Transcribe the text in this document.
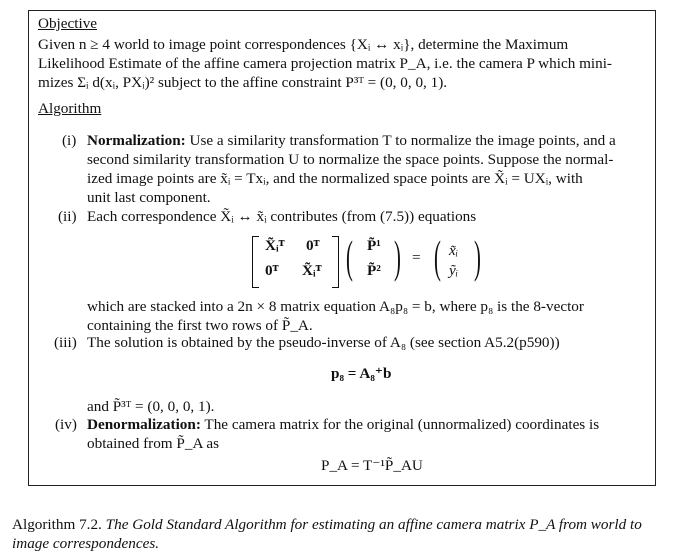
Objective
Given n ≥ 4 world to image point correspondences {Xᵢ ↔ xᵢ}, determine the Maximum
Likelihood Estimate of the affine camera projection matrix P_A, i.e. the camera P which mini-
mizes Σᵢ d(xᵢ, PXᵢ)² subject to the affine constraint P³ᵀ = (0, 0, 0, 1).
Algorithm
(i) Normalization: Use a similarity transformation T to normalize the image points, and a
second similarity transformation U to normalize the space points. Suppose the normal-
ized image points are x̃ᵢ = Txᵢ, and the normalized space points are X̃ᵢ = UXᵢ, with
unit last component.
(ii) Each correspondence X̃ᵢ ↔ x̃ᵢ contributes (from (7.5)) equations
X̃ᵢᵀ 0ᵀ
0ᵀ X̃ᵢᵀ ( P̃¹
P̃² ) = ( x̃ᵢ
ỹᵢ )
which are stacked into a 2n × 8 matrix equation A₈p₈ = b, where p₈ is the 8-vector
containing the first two rows of P̃_A.
(iii) The solution is obtained by the pseudo-inverse of A₈ (see section A5.2(p590))
p₈ = A₈⁺b
and P̃³ᵀ = (0, 0, 0, 1).
(iv) Denormalization: The camera matrix for the original (unnormalized) coordinates is
obtained from P̃_A as
P_A = T⁻¹P̃_AU
Algorithm 7.2. The Gold Standard Algorithm for estimating an affine camera matrix P_A from world to
image correspondences.
